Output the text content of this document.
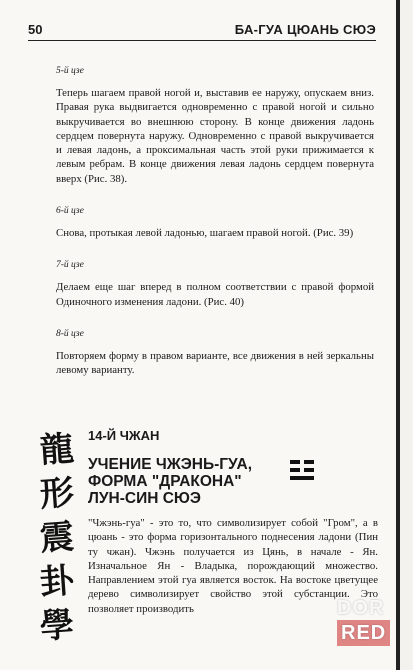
50	БА-ГУА ЦЮАНЬ СЮЭ
5-й цзе

Теперь шагаем правой ногой и, выставив ее наружу, опускаем вниз. Правая рука выдвигается одновременно с правой ногой и сильно выкручивается во внешнюю сторону. В конце движения ладонь сердцем повернута наружу. Одновременно с правой выкручивается и левая ладонь, а проксимальная часть этой руки прижимается к левым ребрам. В конце движения левая ладонь сердцем повернута вверх (Рис. 38).

6-й цзе

Снова, протыкая левой ладонью, шагаем правой ногой. (Рис. 39)

7-й цзе

Делаем еще шаг вперед в полном соответствии с правой формой Одиночного изменения ладони. (Рис. 40)

8-й цзе

Повторяем форму в правом варианте, все движения в ней зеркальны левому варианту.

龍
形
震
卦
學
14-Й ЧЖАН
УЧЕНИЕ ЧЖЭНЬ-ГУА,
ФОРМА "ДРАКОНА"
ЛУН-СИН СЮЭ
"Чжэнь-гуа" - это то, что символизирует собой "Гром", а в цюань - это форма горизонтального поднесения ладони (Пин ту чжан). Чжэнь получается из Цянь, в начале - Ян. Изначальное Ян - Владыка, порождающий множество. Направлением этой гуа является восток. На востоке цветущее дерево символизирует свойство этой субстанции. Это позволяет производить	DOR
RED
